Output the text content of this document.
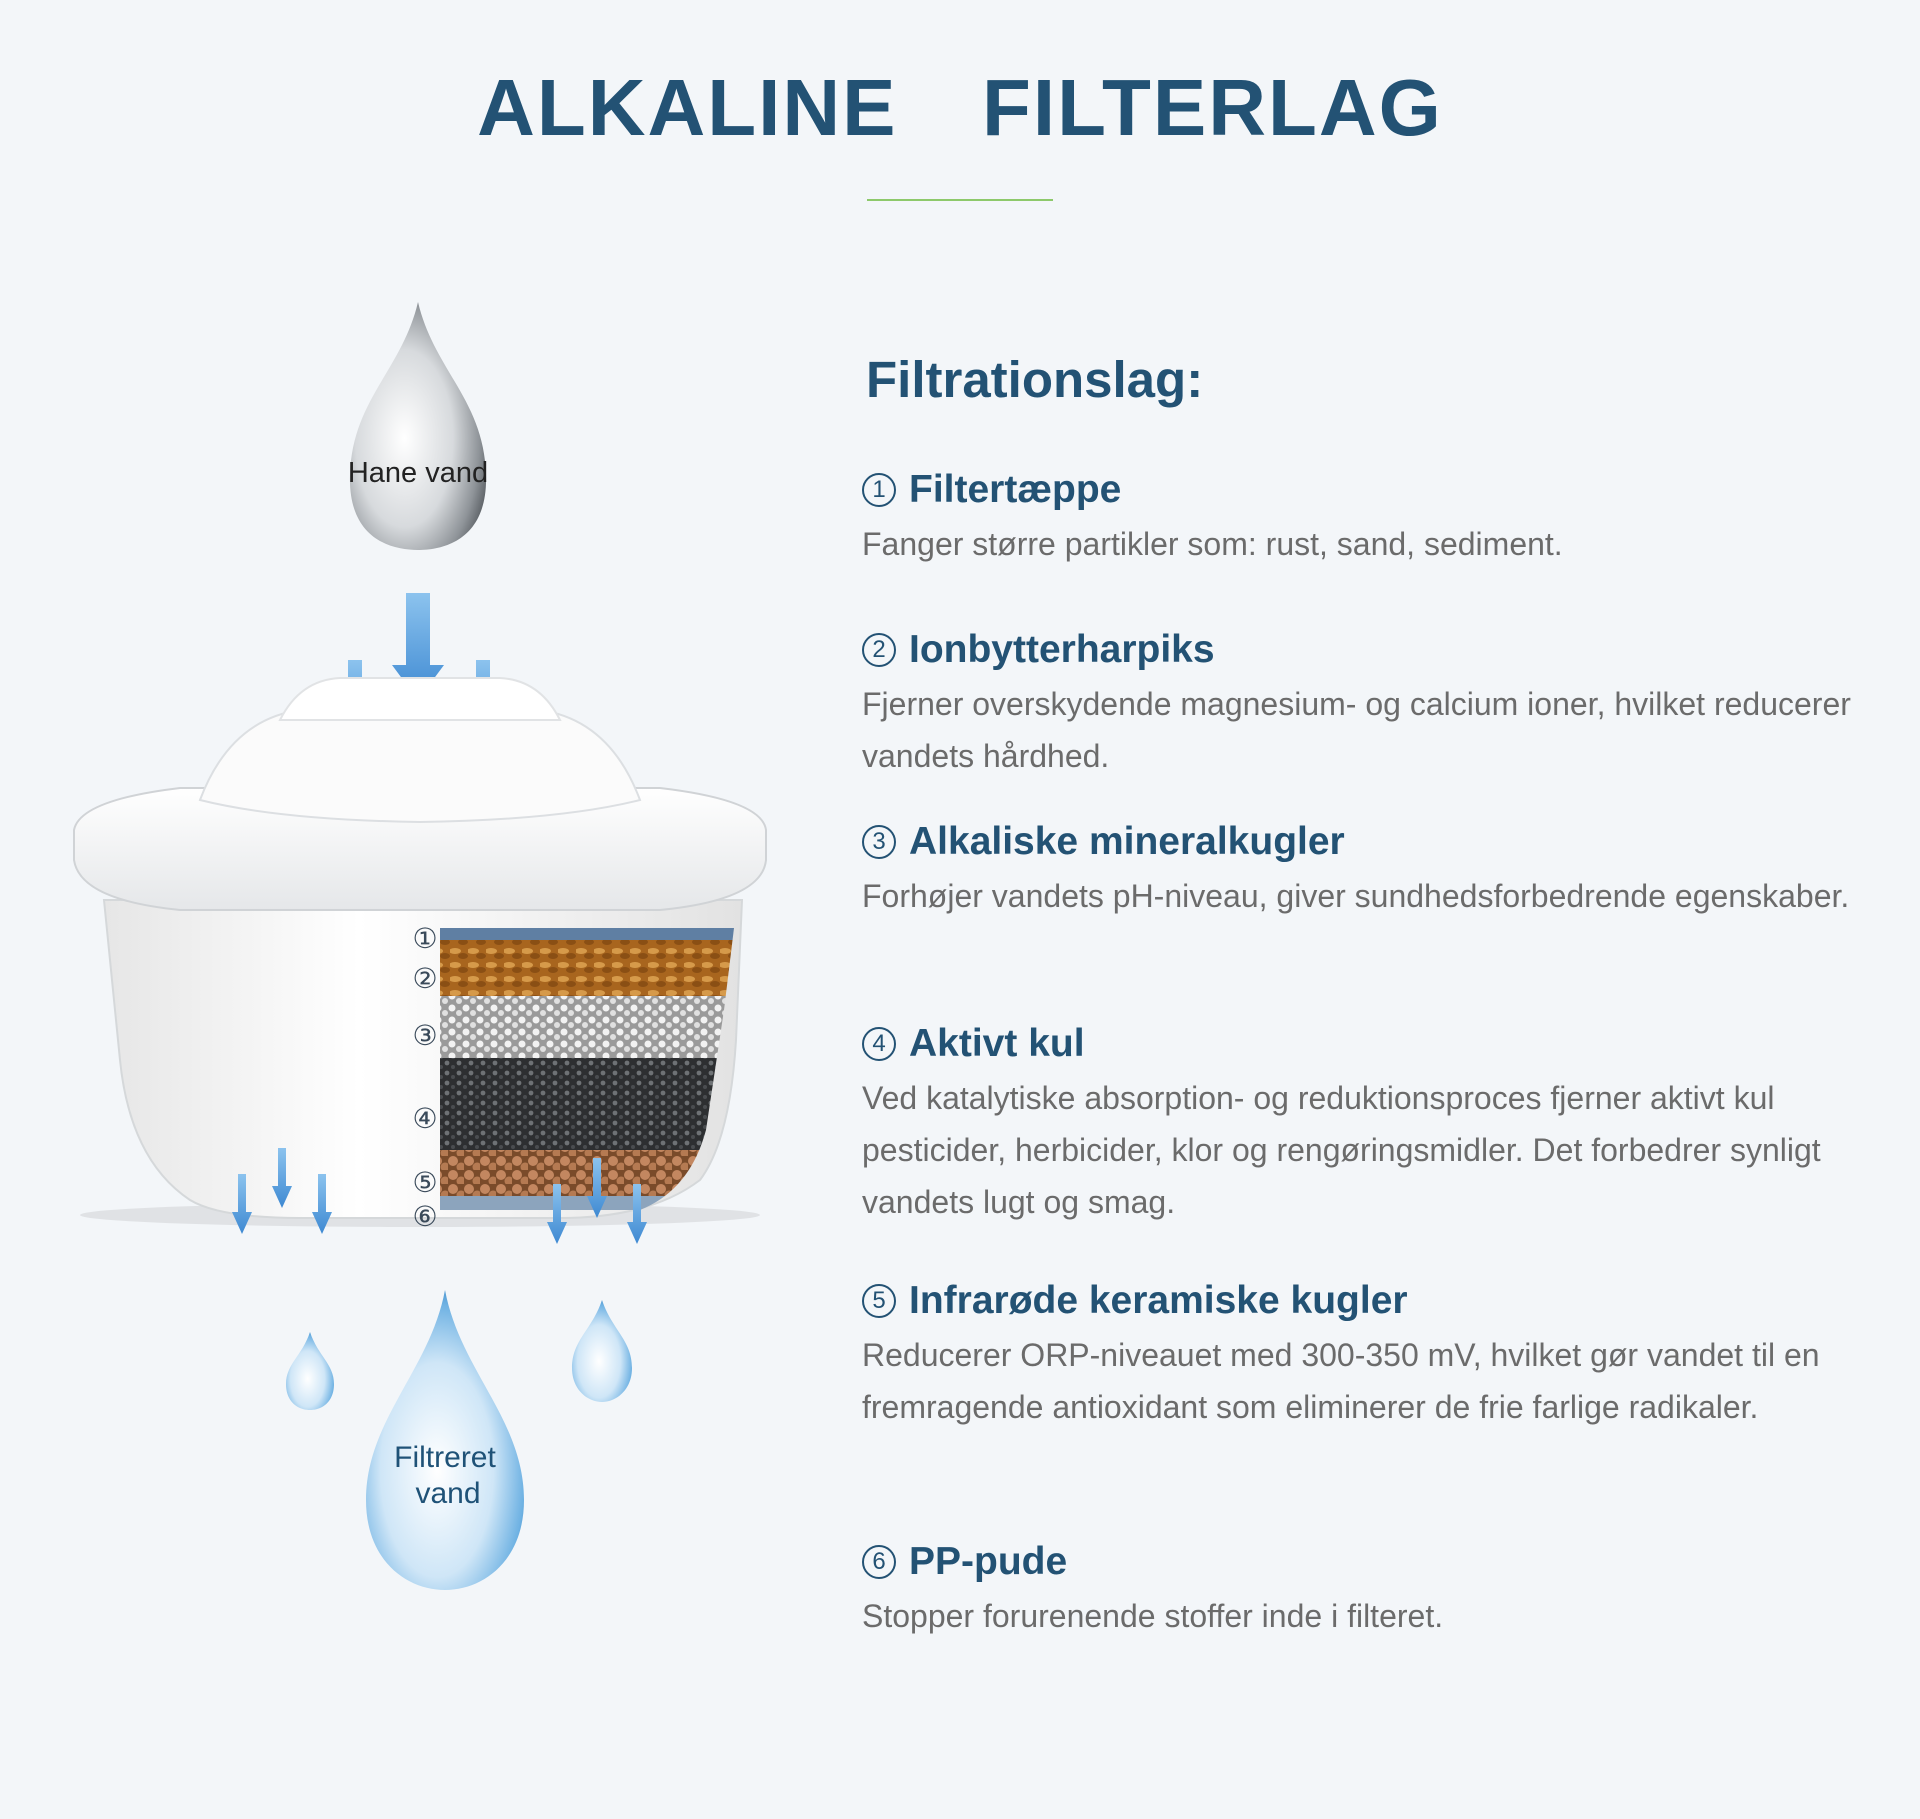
ALKALINE  FILTERLAG
Hane vand
①
②
③
④
⑤
⑥
Filtreret
vand
Filtrationslag:
1 Filtertæppe
Fanger større partikler som: rust, sand, sediment.
2 Ionbytterharpiks
Fjerner overskydende magnesium- og calcium ioner, hvilket reducerer vandets hårdhed.
3 Alkaliske mineralkugler
Forhøjer vandets pH-niveau, giver sundhedsforbedrende egenskaber.
4 Aktivt kul
Ved katalytiske absorption- og reduktionsproces fjerner aktivt kul pesticider, herbicider, klor og rengøringsmidler. Det forbedrer synligt vandets lugt og smag.
5 Infrarøde keramiske kugler
Reducerer ORP-niveauet med 300-350 mV, hvilket gør vandet til en fremragende antioxidant som eliminerer de frie farlige radikaler.
6 PP-pude
Stopper forurenende stoffer inde i filteret.
